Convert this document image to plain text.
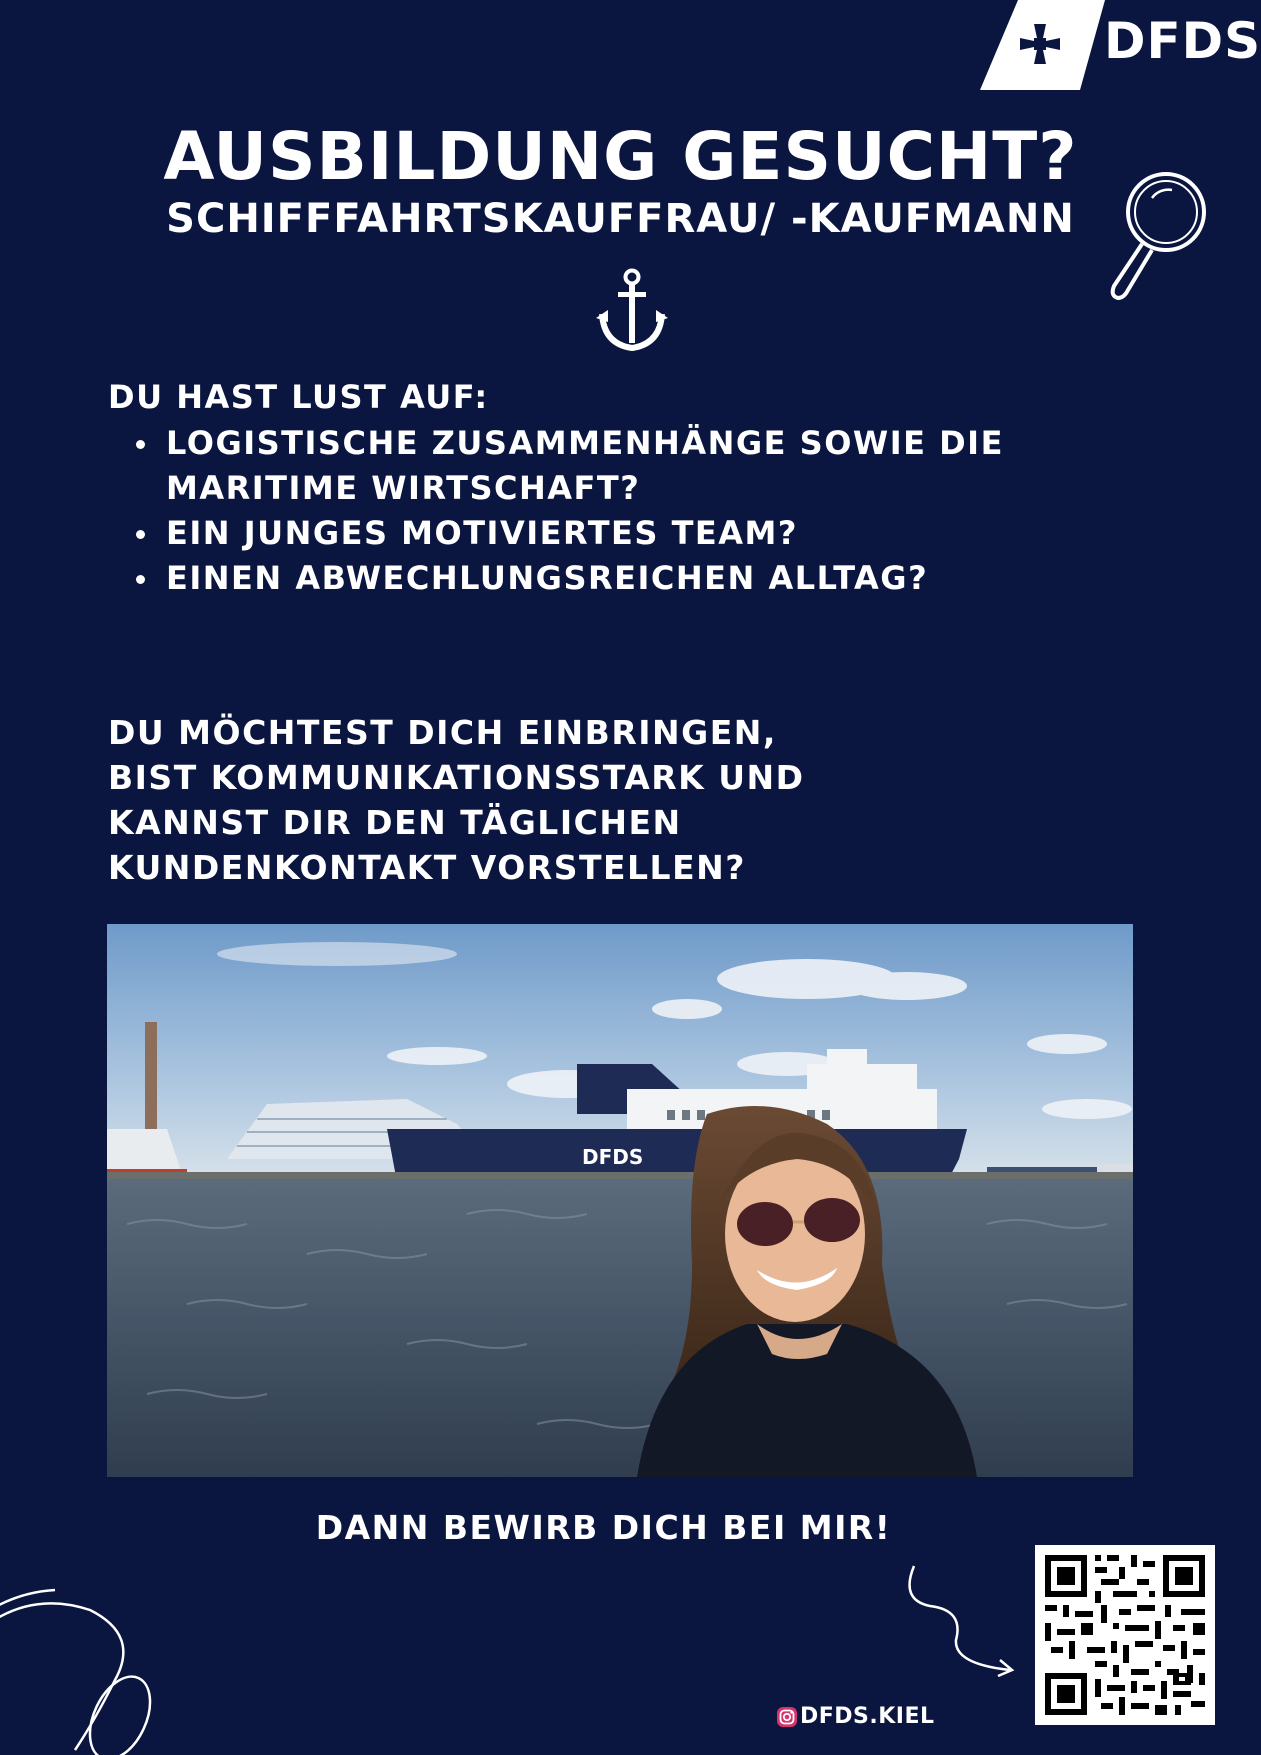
DFDS
AUSBILDUNG GESUCHT?
SCHIFFFAHRTSKAUFFRAU/ -KAUFMANN
DU HAST LUST AUF:
LOGISTISCHE ZUSAMMENHÄNGE SOWIE DIE MARITIME WIRTSCHAFT?
EIN JUNGES MOTIVIERTES TEAM?
EINEN ABWECHLUNGSREICHEN ALLTAG?
DU MÖCHTEST DICH EINBRINGEN,
BIST KOMMUNIKATIONSSTARK UND
KANNST DIR DEN TÄGLICHEN
KUNDENKONTAKT VORSTELLEN?
DFDS
DANN BEWIRB DICH BEI MIR!
DFDS.KIEL
